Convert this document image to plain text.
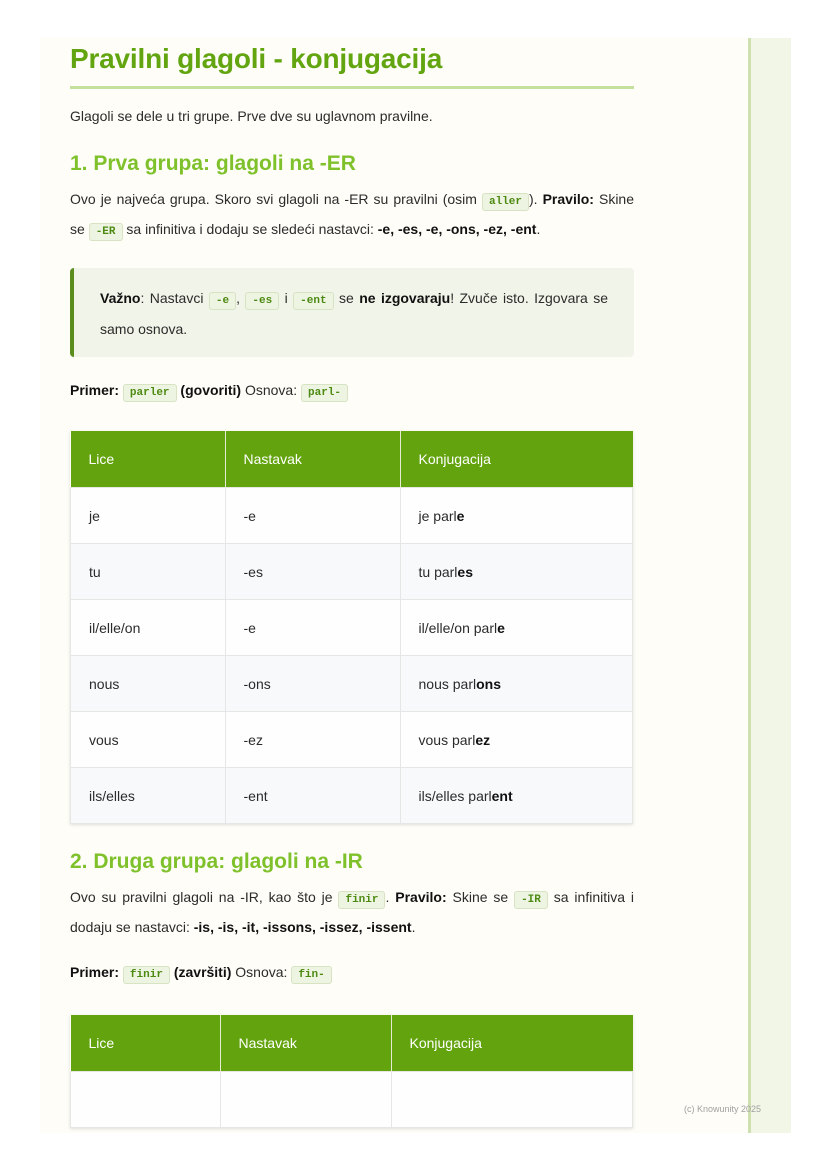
Pravilni glagoli - konjugacija

Glagoli se dele u tri grupe. Prve dve su uglavnom pravilne.

1. Prva grupa: glagoli na -ER

Ovo je najveća grupa. Skoro svi glagoli na -ER su pravilni (osim aller ). Pravilo: Skine se -ER sa infinitiva i dodaju se sledeći nastavci: -e, -es, -e, -ons, -ez, -ent.

Važno: Nastavci -e , -es i -ent se ne izgovaraju! Zvuče isto. Izgovara se samo osnova.

Primer: parler (govoriti) Osnova: parl-

Lice	Nastavak	Konjugacija
je	-e	je parle
tu	-es	tu parles
il/elle/on	-e	il/elle/on parle
nous	-ons	nous parlons
vous	-ez	vous parlez
ils/elles	-ent	ils/elles parlent
2. Druga grupa: glagoli na -IR

Ovo su pravilni glagoli na -IR, kao što je finir . Pravilo: Skine se -IR sa infinitiva i dodaju se nastavci: -is, -is, -it, -issons, -issez, -issent.

Primer: finir (završiti) Osnova: fin-

Lice	Nastavak	Konjugacija

(c) Knowunity 2025
